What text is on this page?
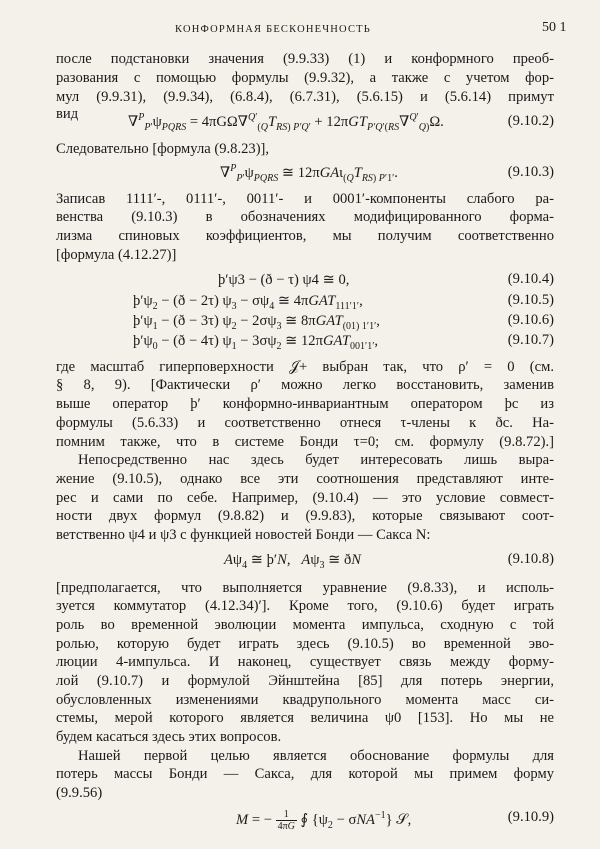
КОНФОРМНАЯ БЕСКОНЕЧНОСТЬ	50 1
после подстановки значения (9.9.33) (1) и конформного преоб-
разования с помощью формулы (9.9.32), а также с учетом фор-
мул (9.9.31), (9.9.34), (6.8.4), (6.7.31), (5.6.15) и (5.6.14) примут
вид
$\nabla^P_{P'}\psi_{PQRS} = 4\pi G\Omega\nabla^{Q'}_{(Q}T_{RS) P'Q'} + 12\pi GT_{P'Q'(RS}\nabla^{Q'}_{Q)}\Omega$.	(9.10.2)
Следовательно [формула (9.8.23)],
$\nabla^P_{P'}\psi_{PQRS}$ ≅ $12\pi GA\iota_{(Q}T_{RS) P'1'}$.	(9.10.3)
Записав 1111′-, 0111′-, 0011′- и 0001′-компоненты слабого ра-
венства (9.10.3) в обозначениях модифицированного форма-
лизма спиновых коэффициентов, мы получим соответственно
[формула (4.12.27)]
þ′ψ3 − (ð − τ) ψ4 ≅ 0,	(9.10.4)
$þ'\psi_2$ − (ð − 2τ) $\psi_3 - \sigma\psi_4$ ≅ 4πGAT$_{111'1'}$,	(9.10.5)
$þ'\psi_1$ − (ð − 3τ) $\psi_2 - 2\sigma\psi_3$ ≅ 8πGAT$_{(01) 1'1'}$,	(9.10.6)
$þ'\psi_0$ − (ð − 4τ) $\psi_1 - 3\sigma\psi_2$ ≅ 12πGAT$_{001'1'}$,	(9.10.7)
где масштаб гиперповерхности 𝒥+ выбран так, что ρ′ = 0 (см.
§ 8, 9). [Фактически ρ′ можно легко восстановить, заменив
выше оператор þ′ конформно-инвариантным оператором þc из
формулы (5.6.33) и соответственно отнеся τ-члены к ðc. На-
помним также, что в системе Бонди τ=0; см. формулу (9.8.72).]
Непосредственно нас здесь будет интересовать лишь выра-
жение (9.10.5), однако все эти соотношения представляют инте-
рес и сами по себе. Например, (9.10.4) — это условие совмест-
ности двух формул (9.8.82) и (9.9.83), которые связывают соот-
ветственно ψ4 и ψ3 с функцией новостей Бонди — Сакса N:
$A\psi_4$ ≅ þ′N,   $A\psi_3$ ≅ ðN	(9.10.8)
[предполагается, что выполняется уравнение (9.8.33), и исполь-
зуется коммутатор (4.12.34)′]. Кроме того, (9.10.6) будет играть
роль во временной эволюции момента импульса, сходную с той
ролью, которую будет играть здесь (9.10.5) во временной эво-
люции 4-импульса. И наконец, существует связь между форму-
лой (9.10.7) и формулой Эйнштейна [85] для потерь энергии,
обусловленных изменениями квадрупольного момента масс си-
стемы, мерой которого является величина ψ0 [153]. Но мы не
будем касаться здесь этих вопросов.
Нашей первой целью является обоснование формулы для
потерь массы Бонди — Сакса, для которой мы примем форму
(9.9.56)
M = − $\frac{1}{4\pi G}$ ∮ $\{\psi_2 - \sigma NA^{-1}\}$ 𝒮,	(9.10.9)
